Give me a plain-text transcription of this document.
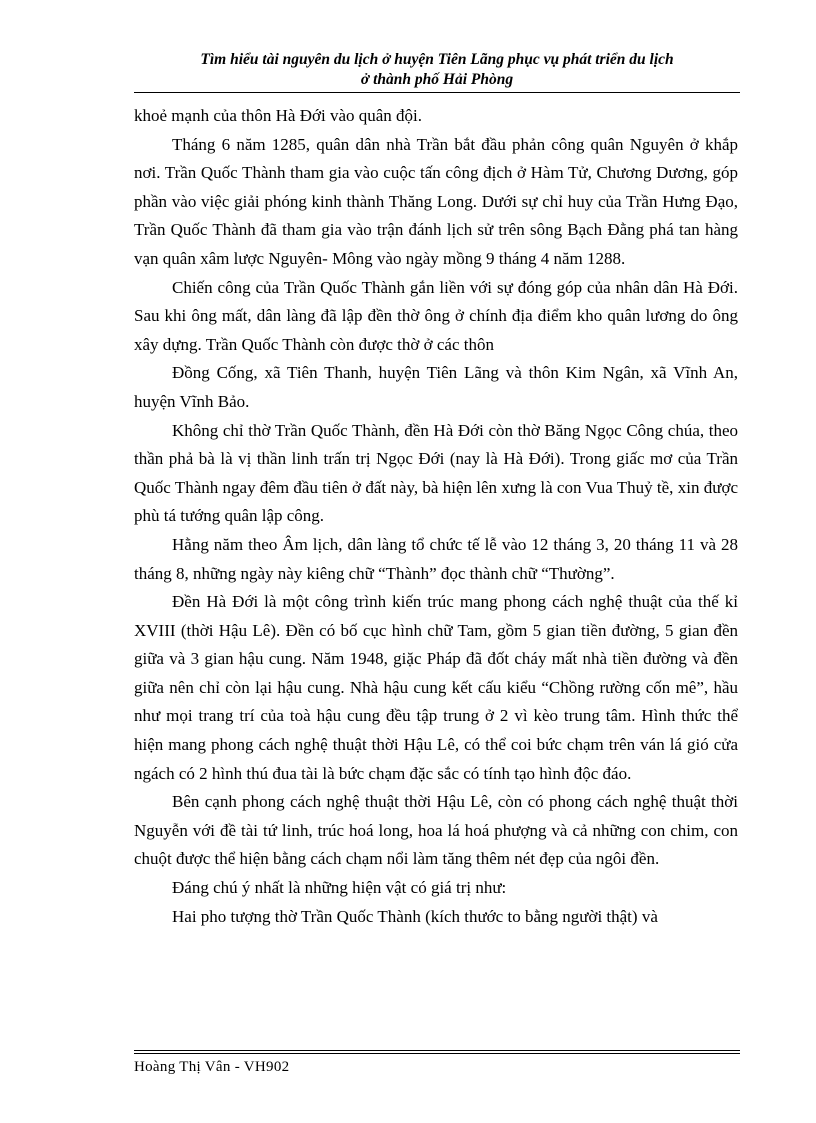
Tìm hiểu tài nguyên du lịch ở huyện Tiên Lãng phục vụ phát triển du lịch
ở thành phố Hải Phòng

khoẻ mạnh của thôn Hà Đới vào quân đội.

Tháng 6 năm 1285, quân dân nhà Trần bắt đầu phản công quân Nguyên ở khắp nơi. Trần Quốc Thành tham gia vào cuộc tấn công địch ở Hàm Tử, Chương Dương, góp phần vào việc giải phóng kinh thành Thăng Long. Dưới sự chỉ huy của Trần Hưng Đạo, Trần Quốc Thành đã tham gia vào trận đánh lịch sử trên sông Bạch Đằng phá tan hàng vạn quân xâm lược Nguyên- Mông vào ngày mồng 9 tháng 4 năm 1288.

Chiến công của Trần Quốc Thành gắn liền với sự đóng góp của nhân dân Hà Đới. Sau khi ông mất, dân làng đã lập đền thờ ông ở chính địa điểm kho quân lương do ông xây dựng. Trần Quốc Thành còn được thờ ở các thôn

Đồng Cống, xã Tiên Thanh, huyện Tiên Lãng và thôn Kim Ngân, xã Vĩnh An, huyện Vĩnh Bảo.

Không chỉ thờ Trần Quốc Thành, đền Hà Đới còn thờ Băng Ngọc Công chúa, theo thần phả bà là vị thần linh trấn trị Ngọc Đới (nay là Hà Đới). Trong giấc mơ của Trần Quốc Thành ngay đêm đầu tiên ở đất này, bà hiện lên xưng là con Vua Thuỷ tề, xin được phù tá tướng quân lập công.

Hằng năm theo Âm lịch, dân làng tổ chức tế lễ vào 12 tháng 3, 20 tháng 11 và 28 tháng 8, những ngày này kiêng chữ “Thành” đọc thành chữ “Thường”.

Đền Hà Đới là một công trình kiến trúc mang phong cách nghệ thuật của thế kỉ XVIII (thời Hậu Lê). Đền có bố cục hình chữ Tam, gồm 5 gian tiền đường, 5 gian đền giữa và 3 gian hậu cung. Năm 1948, giặc Pháp đã đốt cháy mất nhà tiền đường và đền giữa nên chỉ còn lại hậu cung. Nhà hậu cung kết cấu kiểu “Chồng rường cốn mê”, hầu như mọi trang trí của toà hậu cung đều tập trung ở 2 vì kèo trung tâm. Hình thức thể hiện mang phong cách nghệ thuật thời Hậu Lê, có thể coi bức chạm trên ván lá gió cửa ngách có 2 hình thú đua tài là bức chạm đặc sắc có tính tạo hình độc đáo.

Bên cạnh phong cách nghệ thuật thời Hậu Lê, còn có phong cách nghệ thuật thời Nguyễn với đề tài tứ linh, trúc hoá long, hoa lá hoá phượng và cả những con chim, con chuột được thể hiện bằng cách chạm nổi làm tăng thêm nét đẹp của ngôi đền.

Đáng chú ý nhất là những hiện vật có giá trị như:

Hai pho tượng thờ Trần Quốc Thành (kích thước to bằng người thật) và

Hoàng Thị Vân - VH902
